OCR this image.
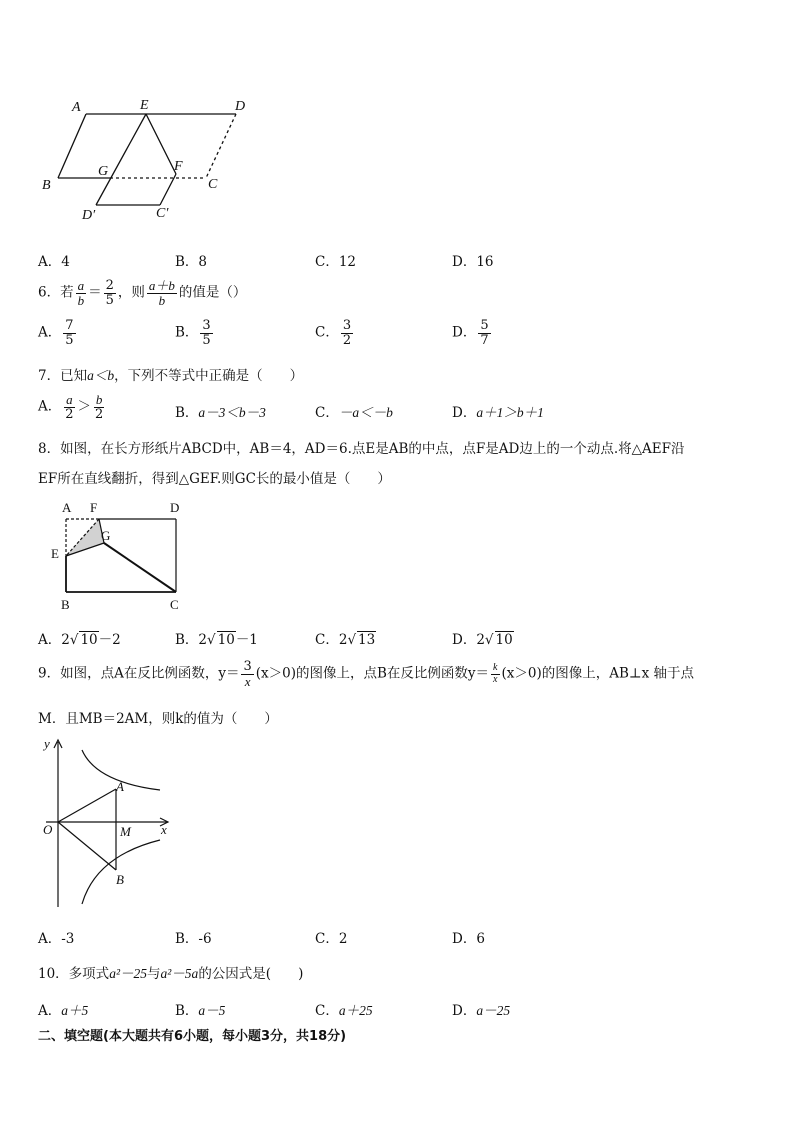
A	E	D
B
G	F
C
D′	C′
A．4	B．8	C．12	D．16
6．若 $\frac{a}{b} = \frac{2}{5}$ ，则 $\frac{a+b}{b}$ 的值是（）
A． $\frac{7}{5}$	B． $\frac{3}{5}$	C． $\frac{3}{2}$	D． $\frac{5}{7}$
7．已知a＜b，下列不等式中正确是（　　）
A． $\frac{a}{2} > \frac{b}{2}$	B．a－3＜b－3	C．－a＜－b	D．a＋1＞b＋1
8．如图，在长方形纸片ABCD中，AB＝4，AD＝6.点E是AB的中点，点F是AD边上的一个动点.将△AEF沿
EF所在直线翻折，得到△GEF.则GC长的最小值是（　　）
A F	D
E
G
B	C
A．2√ 10－2	B．2√ 10－1	C．2√ 13	D．2√ 10
9．如图，点A在反比例函数，$y= \frac{3}{x} (x>0)$的图像上，点B在反比例函数$y= \frac{k}{x} (x>0)$的图像上，AB⊥x 轴于点
M．且MB＝2AM，则k的值为（　　）
y
A
O	M x
B
A．-3	B．-6	C．2	D．6
10．多项式a²－25与a²－5a的公因式是(　　)
A．a＋5	B．a－5	C．a＋25	D．a－25
二、填空题(本大题共有6小题，每小题3分，共18分)
